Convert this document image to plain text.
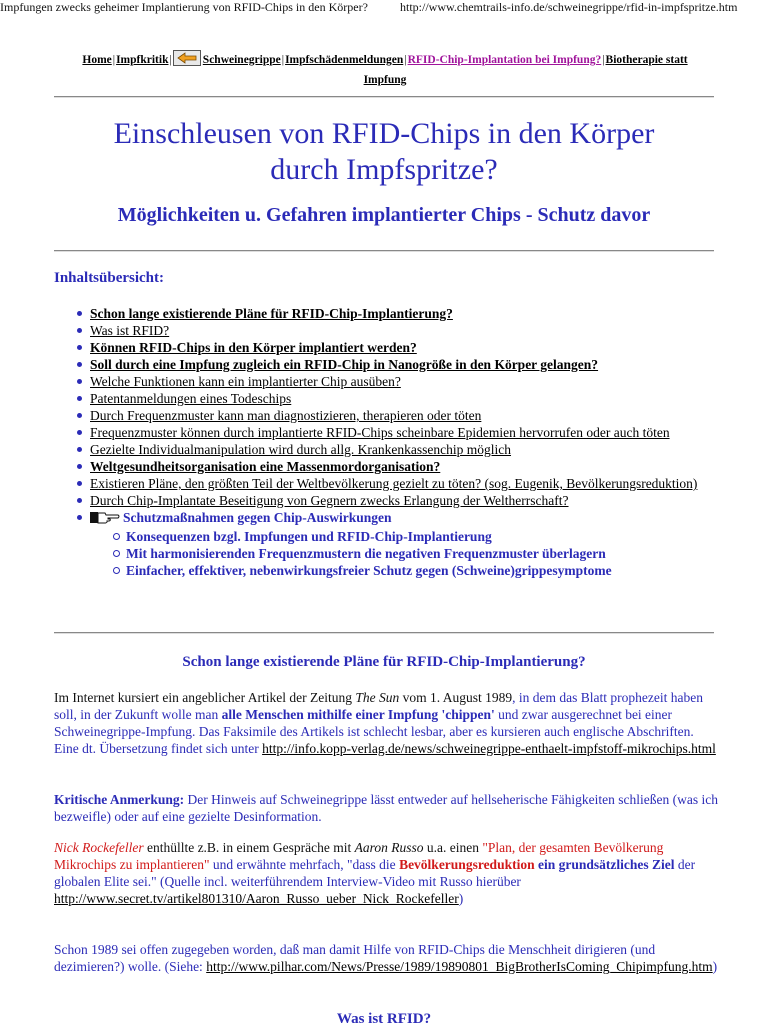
Impfungen zwecks geheimer Implantierung von RFID-Chips in den Körper?	http://www.chemtrails-info.de/schweinegrippe/rfid-in-impfspritze.htm
Home|Impfkritik|	Schweinegrippe|Impfschädenmeldungen|RFID-Chip-Implantation bei Impfung?|Biotherapie statt Impfung
Einschleusen von RFID-Chips in den Körper
durch Impfspritze?
Möglichkeiten u. Gefahren implantierter Chips - Schutz davor
Inhaltsübersicht:
Schon lange existierende Pläne für RFID-Chip-Implantierung?
Was ist RFID?
Können RFID-Chips in den Körper implantiert werden?
Soll durch eine Impfung zugleich ein RFID-Chip in Nanogröße in den Körper gelangen?
Welche Funktionen kann ein implantierter Chip ausüben?
Patentanmeldungen eines Todeschips
Durch Frequenzmuster kann man diagnostizieren, therapieren oder töten
Frequenzmuster können durch implantierte RFID-Chips scheinbare Epidemien hervorrufen oder auch töten
Gezielte Individualmanipulation wird durch allg. Krankenkassenchip möglich
Weltgesundheitsorganisation eine Massenmordorganisation?
Existieren Pläne, den größten Teil der Weltbevölkerung gezielt zu töten? (sog. Eugenik, Bevölkerungsreduktion)
Durch Chip-Implantate Beseitigung von Gegnern zwecks Erlangung der Weltherrschaft?
Schutzmaßnahmen gegen Chip-Auswirkungen
Konsequenzen bzgl. Impfungen und RFID-Chip-Implantierung
Mit harmonisierenden Frequenzmustern die negativen Frequenzmuster überlagern
Einfacher, effektiver, nebenwirkungsfreier Schutz gegen (Schweine)grippesymptome
Schon lange existierende Pläne für RFID-Chip-Implantierung?

Im Internet kursiert ein angeblicher Artikel der Zeitung The Sun vom 1. August 1989, in dem das Blatt prophezeit haben soll, in der Zukunft wolle man alle Menschen mithilfe einer Impfung 'chippen' und zwar ausgerechnet bei einer Schweinegrippe-Impfung. Das Faksimile des Artikels ist schlecht lesbar, aber es kursieren auch englische Abschriften. Eine dt. Übersetzung findet sich unter http://info.kopp-verlag.de/news/schweinegrippe-enthaelt-impfstoff-mikrochips.html

Kritische Anmerkung: Der Hinweis auf Schweinegrippe lässt entweder auf hellseherische Fähigkeiten schließen (was ich bezweifle) oder auf eine gezielte Desinformation.

Nick Rockefeller enthüllte z.B. in einem Gespräche mit Aaron Russo u.a. einen "Plan, der gesamten Bevölkerung Mikrochips zu implantieren" und erwähnte mehrfach, "dass die Bevölkerungsreduktion ein grundsätzliches Ziel der globalen Elite sei." (Quelle incl. weiterführendem Interview-Video mit Russo hierüber http://www.secret.tv/artikel801310/Aaron_Russo_ueber_Nick_Rockefeller)

Schon 1989 sei offen zugegeben worden, daß man damit Hilfe von RFID-Chips die Menschheit dirigieren (und dezimieren?) wolle. (Siehe: http://www.pilhar.com/News/Presse/1989/19890801_BigBrotherIsComing_Chipimpfung.htm)

Was ist RFID?
